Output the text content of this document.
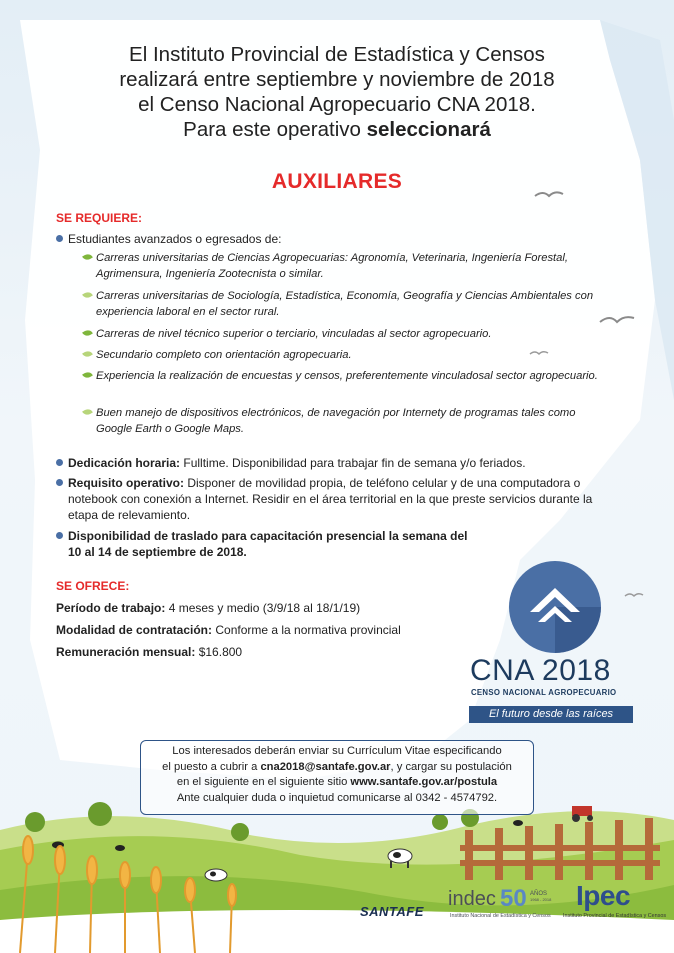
El Instituto Provincial de Estadística y Censos
realizará entre septiembre y noviembre de 2018
el Censo Nacional Agropecuario CNA 2018.
Para este operativo seleccionará
AUXILIARES
SE REQUIERE:
Estudiantes avanzados o egresados de:
Carreras universitarias de Ciencias Agropecuarias: Agronomía, Veterinaria, Ingeniería Forestal, Agrimensura, Ingeniería Zootecnista o similar.
Carreras universitarias de Sociología, Estadística, Economía, Geografía y Ciencias Ambientales con experiencia laboral en el sector rural.
Carreras de nivel técnico superior o terciario, vinculadas al sector agropecuario.
Secundario completo con orientación agropecuaria.
Experiencia la realización de encuestas y censos, preferentemente vinculadosal sector agropecuario.
Buen manejo de dispositivos electrónicos, de navegación por Internety de programas tales como Google Earth o Google Maps.
Dedicación horaria: Fulltime. Disponibilidad para trabajar fin de semana y/o feriados.
Requisito operativo: Disponer de movilidad propia, de teléfono celular y de una computadora o notebook con conexión a Internet. Residir en el área territorial en la que preste servicios durante la etapa de relevamiento.
Disponibilidad de traslado para capacitación presencial la semana del 10 al 14 de septiembre de 2018.
SE OFRECE:
Período de trabajo: 4 meses y medio (3/9/18 al 18/1/19)
Modalidad de contratación: Conforme a la normativa provincial
Remuneración mensual: $16.800
CNA 2018
CENSO NACIONAL AGROPECUARIO
El futuro desde las raíces
Los interesados deberán enviar su Currículum Vitae especificando
el puesto a cubrir a cna2018@santafe.gov.ar, y cargar su postulación
en el siguiente en el siguiente sitio www.santafe.gov.ar/postula
Ante cualquier duda o inquietud comunicarse al 0342 - 4574792.
SANTAFE
indec 50 AÑOS
1968 - 2018
Instituto Nacional de Estadística y Censos
Ipec
Instituto Provincial de Estadística y Censos
